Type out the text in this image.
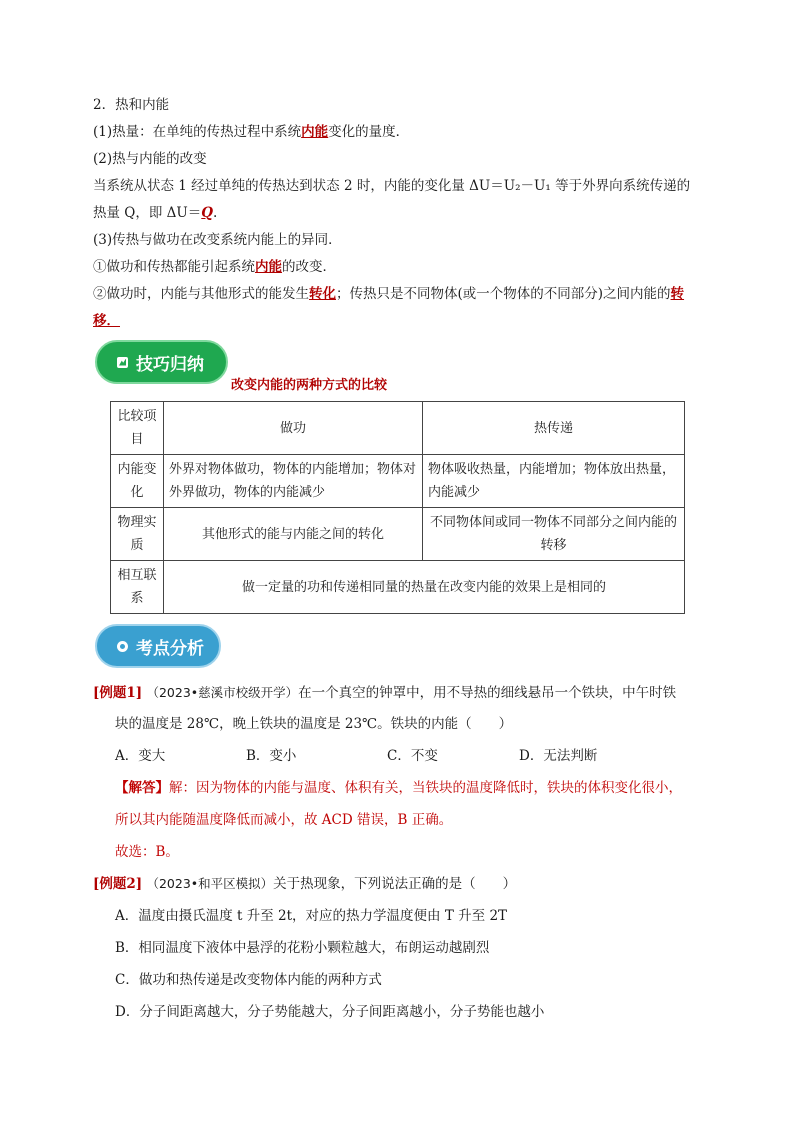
2．热和内能
(1)热量：在单纯的传热过程中系统内能变化的量度．
(2)热与内能的改变
当系统从状态 1 经过单纯的传热达到状态 2 时，内能的变化量 ΔU＝U₂－U₁ 等于外界向系统传递的
热量 Q，即 ΔU＝Q.
(3)传热与做功在改变系统内能上的异同．
①做功和传热都能引起系统内能的改变．
②做功时，内能与其他形式的能发生转化；传热只是不同物体(或一个物体的不同部分)之间内能的转
移．
技巧归纳
改变内能的两种方式的比较
比较项目	做功	热传递
内能变化	外界对物体做功，物体的内能增加；物体对外界做功，物体的内能减少	物体吸收热量，内能增加；物体放出热量，内能减少
物理实质	其他形式的能与内能之间的转化	不同物体间或同一物体不同部分之间内能的转移
相互联系	做一定量的功和传递相同量的热量在改变内能的效果上是相同的	
考点分析
[例题1] （2023•慈溪市校级开学）在一个真空的钟罩中，用不导热的细线悬吊一个铁块，中午时铁
块的温度是 28℃，晚上铁块的温度是 23℃。铁块的内能（　　）
A．变大	B．变小	C．不变	D．无法判断
【解答】解：因为物体的内能与温度、体积有关，当铁块的温度降低时，铁块的体积变化很小，
所以其内能随温度降低而减小，故 ACD 错误，B 正确。
故选：B。
[例题2] （2023•和平区模拟）关于热现象，下列说法正确的是（　　）
A．温度由摄氏温度 t 升至 2t，对应的热力学温度便由 T 升至 2T
B．相同温度下液体中悬浮的花粉小颗粒越大，布朗运动越剧烈
C．做功和热传递是改变物体内能的两种方式
D．分子间距离越大，分子势能越大，分子间距离越小，分子势能也越小
